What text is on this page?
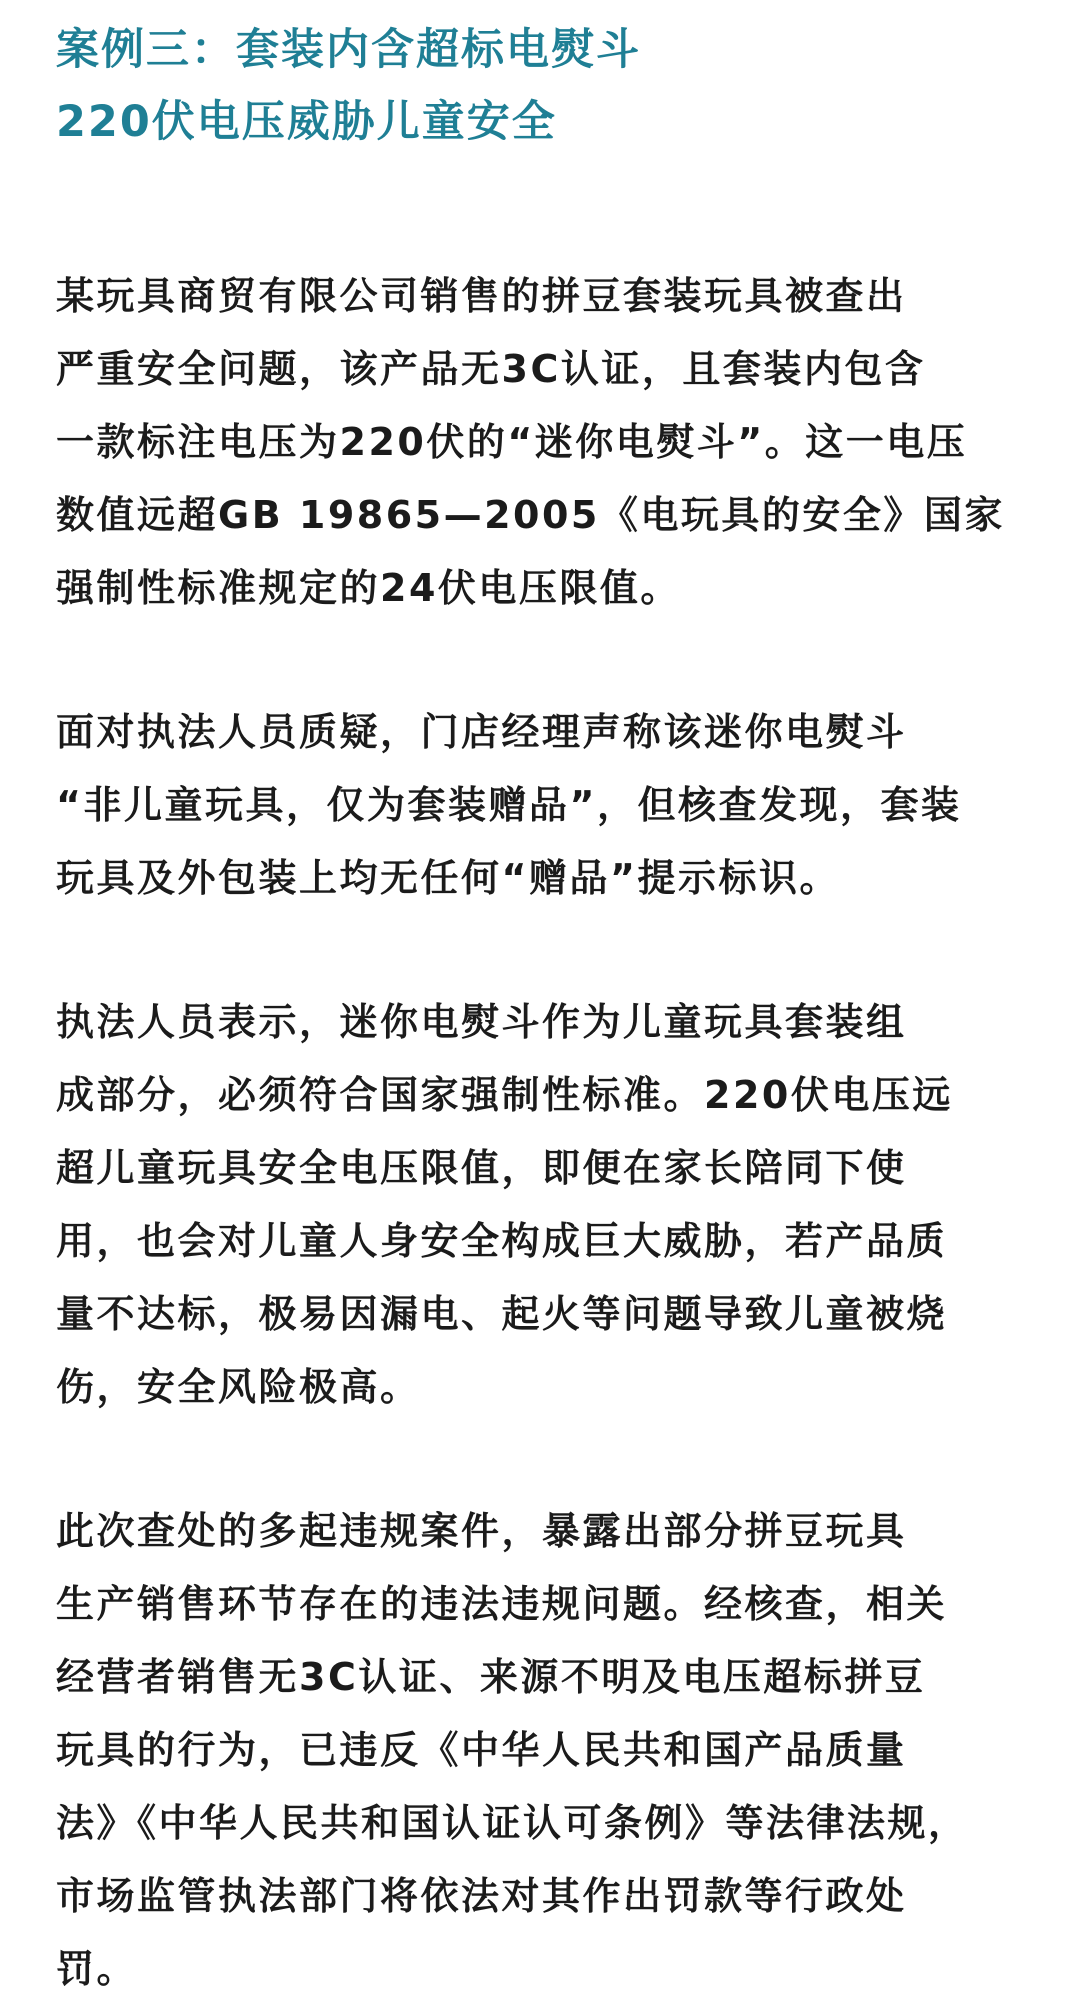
案例三：套装内含超标电熨斗
220伏电压威胁儿童安全

某玩具商贸有限公司销售的拼豆套装玩具被查出
严重安全问题，该产品无3C认证，且套装内包含
一款标注电压为220伏的“迷你电熨斗”。这一电压
数值远超GB 19865—2005《电玩具的安全》国家
强制性标准规定的24伏电压限值。

面对执法人员质疑，门店经理声称该迷你电熨斗
“非儿童玩具，仅为套装赠品”，但核查发现，套装
玩具及外包装上均无任何“赠品”提示标识。

执法人员表示，迷你电熨斗作为儿童玩具套装组
成部分，必须符合国家强制性标准。220伏电压远
超儿童玩具安全电压限值，即便在家长陪同下使
用，也会对儿童人身安全构成巨大威胁，若产品质
量不达标，极易因漏电、起火等问题导致儿童被烧
伤，安全风险极高。

此次查处的多起违规案件，暴露出部分拼豆玩具
生产销售环节存在的违法违规问题。经核查，相关
经营者销售无3C认证、来源不明及电压超标拼豆
玩具的行为，已违反《中华人民共和国产品质量
法》《中华人民共和国认证认可条例》等法律法规，
市场监管执法部门将依法对其作出罚款等行政处
罚。
